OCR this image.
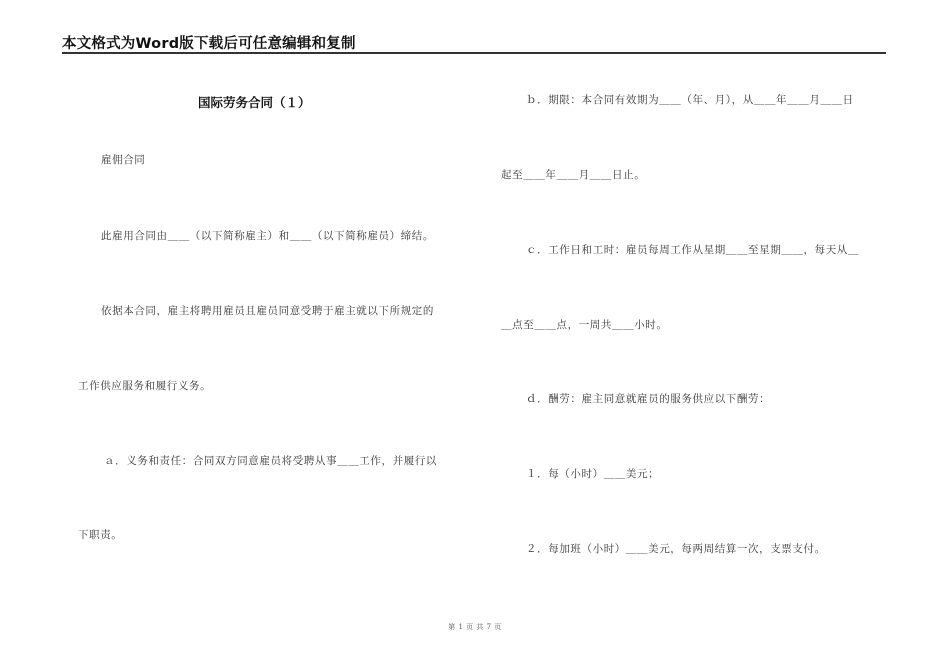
本文格式为Word版下载后可任意编辑和复制
国际劳务合同（１）
雇佣合同
此雇用合同由＿＿（以下简称雇主）和＿＿（以下简称雇员）缔结。
依据本合同，雇主将聘用雇员且雇员同意受聘于雇主就以下所规定的
工作供应服务和履行义务。
ａ．义务和责任：合同双方同意雇员将受聘从事＿＿工作，并履行以
下职责。
ｂ．期限：本合同有效期为＿＿（年、月），从＿＿年＿＿月＿＿日
起至＿＿年＿＿月＿＿日止。
ｃ．工作日和工时：雇员每周工作从星期＿＿至星期＿＿，每天从＿
＿点至＿＿点，一周共＿＿小时。
ｄ．酬劳：雇主同意就雇员的服务供应以下酬劳：
１．每（小时）＿＿美元；
２．每加班（小时）＿＿美元，每两周结算一次，支票支付。
第 1 页 共 7 页
